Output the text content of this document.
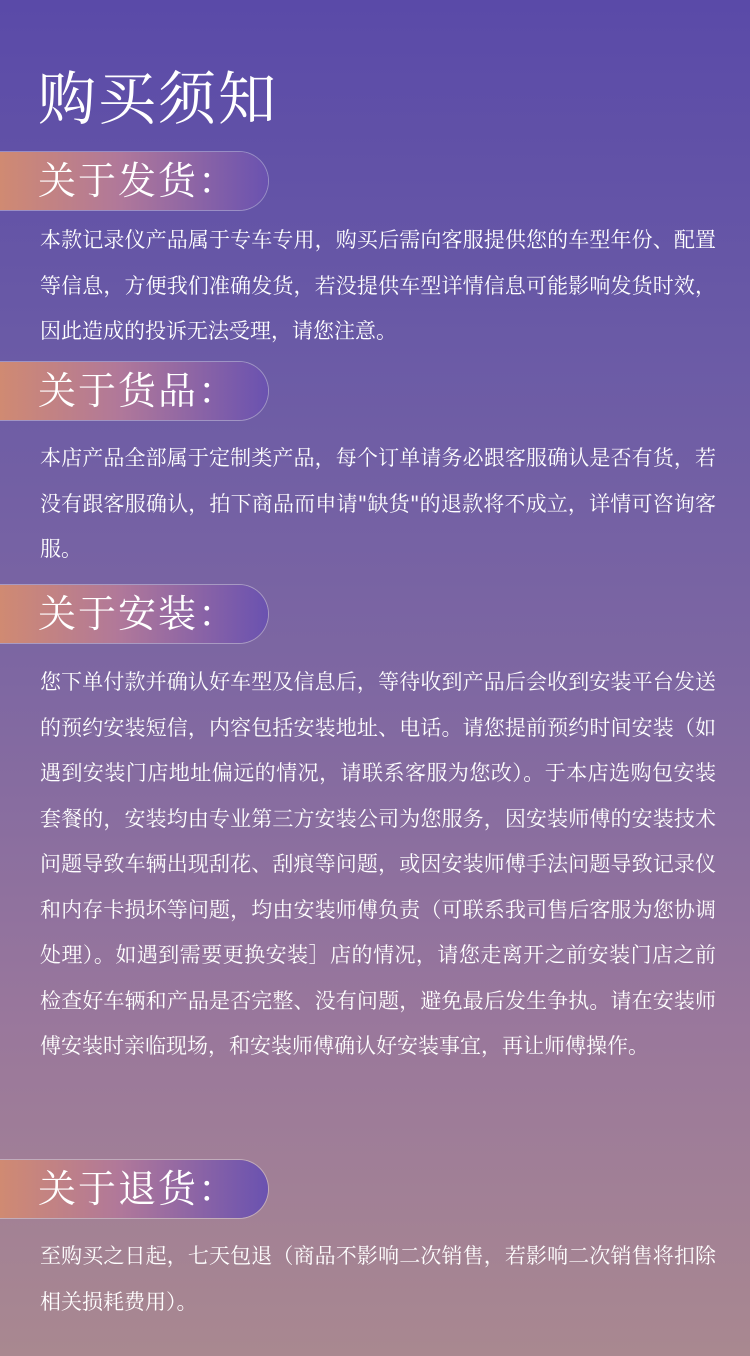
购买须知
关于发货：

本款记录仪产品属于专车专用，购买后需向客服提供您的车型年份、配置等信息，方便我们准确发货，若没提供车型详情信息可能影响发货时效，因此造成的投诉无法受理，请您注意。

关于货品：

本店产品全部属于定制类产品，每个订单请务必跟客服确认是否有货，若没有跟客服确认，拍下商品而申请"缺货"的退款将不成立，详情可咨询客服。

关于安装：

您下单付款并确认好车型及信息后，等待收到产品后会收到安装平台发送的预约安装短信，内容包括安装地址、电话。请您提前预约时间安装（如遇到安装门店地址偏远的情况，请联系客服为您改）。于本店选购包安装套餐的，安装均由专业第三方安装公司为您服务，因安装师傅的安装技术问题导致车辆出现刮花、刮痕等问题，或因安装师傅手法问题导致记录仪和内存卡损坏等问题，均由安装师傅负责（可联系我司售后客服为您协调处理）。如遇到需要更换安装］店的情况，请您走离开之前安装门店之前检查好车辆和产品是否完整、没有问题，避免最后发生争执。请在安装师傅安装时亲临现场，和安装师傅确认好安装事宜，再让师傅操作。

关于退货：

至购买之日起，七天包退（商品不影响二次销售，若影响二次销售将扣除相关损耗费用）。
